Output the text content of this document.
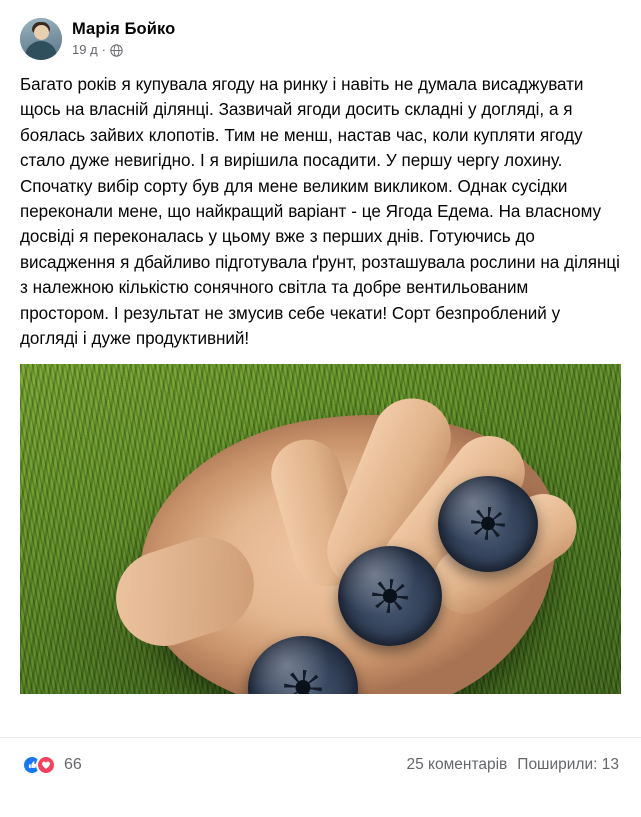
Марія Бойко
19 д ·
Багато років я купувала ягоду на ринку і навіть не думала висаджувати щось на власній ділянці. Зазвичай ягоди досить складні у догляді, а я боялась зайвих клопотів. Тим не менш, настав час, коли купляти ягоду стало дуже невигідно. І я вирішила посадити. У першу чергу лохину. Спочатку вибір сорту був для мене великим викликом. Однак сусідки переконали мене, що найкращий варіант - це Ягода Едема. На власному досвіді я переконалась у цьому вже з перших днів. Готуючись до висадження я дбайливо підготувала ґрунт, розташувала рослини на ділянці з належною кількістю сонячного світла та добре вентильованим простором. І результат не змусив себе чекати! Сорт безпроблений у догляді і дуже продуктивний!
66	25 коментарів Поширили: 13
